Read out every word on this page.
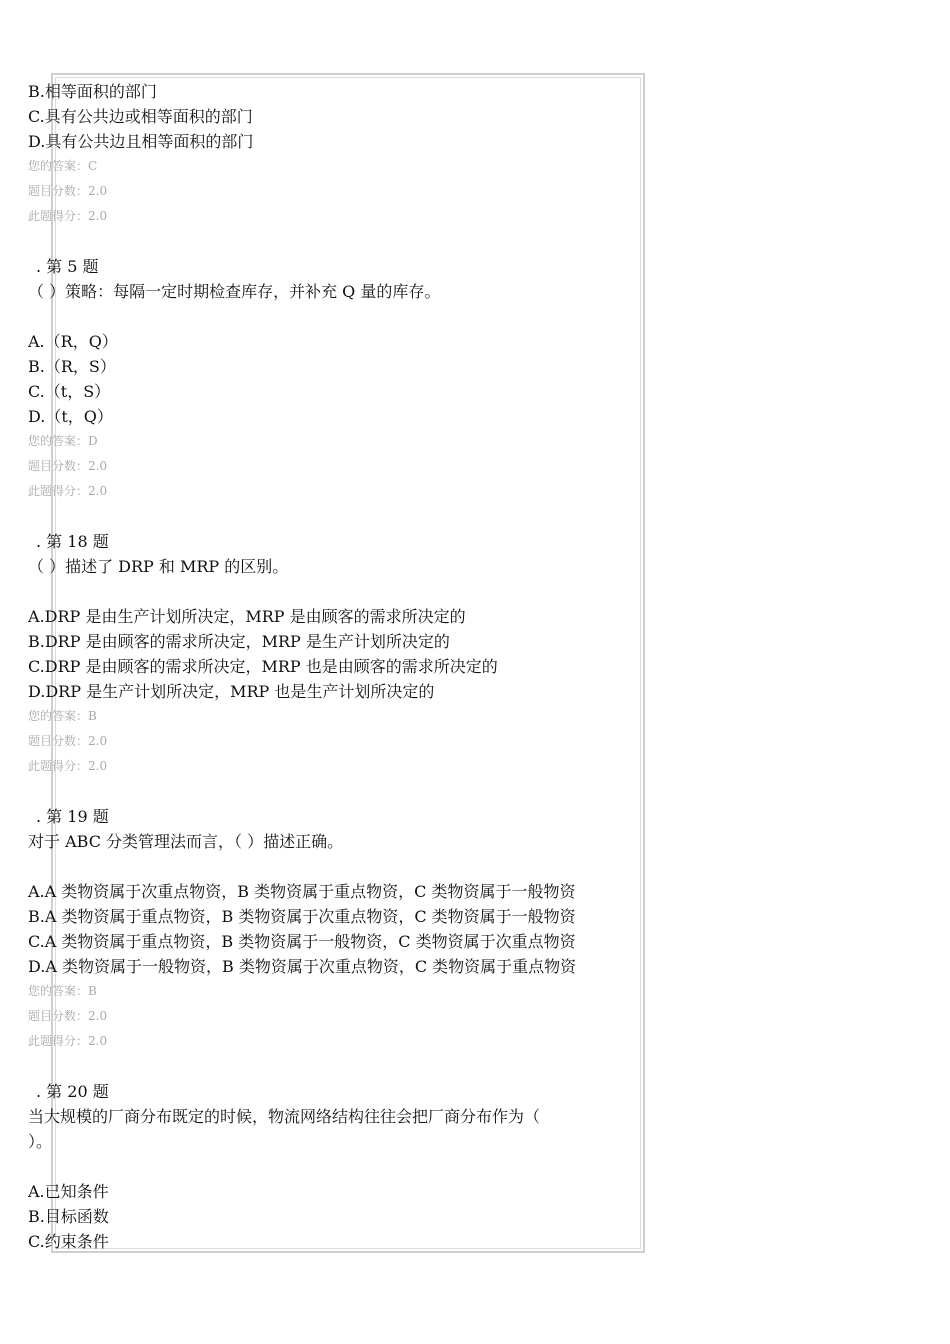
B.相等面积的部门
C.具有公共边或相等面积的部门
D.具有公共边且相等面积的部门
您的答案：C
题目分数：2.0
此题得分：2.0
. 第 5 题
（ ）策略：每隔一定时期检查库存，并补充 Q 量的库存。
A.（R，Q）
B.（R，S）
C.（t，S）
D.（t，Q）
您的答案：D
题目分数：2.0
此题得分：2.0
. 第 18 题
（ ）描述了 DRP 和 MRP 的区别。
A.DRP 是由生产计划所决定，MRP 是由顾客的需求所决定的
B.DRP 是由顾客的需求所决定，MRP 是生产计划所决定的
C.DRP 是由顾客的需求所决定，MRP 也是由顾客的需求所决定的
D.DRP 是生产计划所决定，MRP 也是生产计划所决定的
您的答案：B
题目分数：2.0
此题得分：2.0
. 第 19 题
对于 ABC 分类管理法而言，（ ）描述正确。
A.A 类物资属于次重点物资，B 类物资属于重点物资，C 类物资属于一般物资
B.A 类物资属于重点物资，B 类物资属于次重点物资，C 类物资属于一般物资
C.A 类物资属于重点物资，B 类物资属于一般物资，C 类物资属于次重点物资
D.A 类物资属于一般物资，B 类物资属于次重点物资，C 类物资属于重点物资
您的答案：B
题目分数：2.0
此题得分：2.0
. 第 20 题
当大规模的厂商分布既定的时候，物流网络结构往往会把厂商分布作为（
）。
A.已知条件
B.目标函数
C.约束条件
